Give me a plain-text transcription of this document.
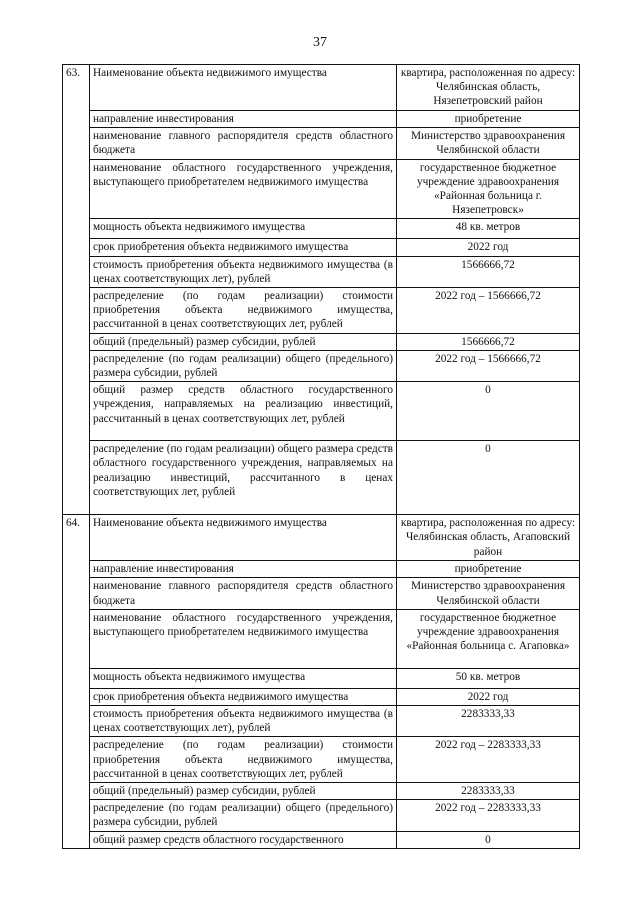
37
63.	Наименование объекта недвижимого имущества	квартира, расположенная по адресу: Челябинская область, Нязепетровский район
	направление инвестирования	приобретение
	наименование главного распорядителя средств областного бюджета	Министерство здравоохранения Челябинской области
	наименование областного государственного учреждения, выступающего приобретателем недвижимого имущества	государственное бюджетное учреждение здравоохранения «Районная больница г. Нязепетровск»
	мощность объекта недвижимого имущества	48 кв. метров
	срок приобретения объекта недвижимого имущества	2022 год
	стоимость приобретения объекта недвижимого имущества (в ценах соответствующих лет), рублей	1566666,72
	распределение (по годам реализации) стоимости приобретения объекта недвижимого имущества, рассчитанной в ценах соответствующих лет, рублей	2022 год – 1566666,72
	общий (предельный) размер субсидии, рублей	1566666,72
	распределение (по годам реализации) общего (предельного) размера субсидии, рублей	2022 год – 1566666,72
	общий размер средств областного государственного учреждения, направляемых на реализацию инвестиций, рассчитанный в ценах соответствующих лет, рублей	0
	распределение (по годам реализации) общего размера средств областного государственного учреждения, направляемых на реализацию инвестиций, рассчитанного в ценах соответствующих лет, рублей	0
64.	Наименование объекта недвижимого имущества	квартира, расположенная по адресу: Челябинская область, Агаповский район
	направление инвестирования	приобретение
	наименование главного распорядителя средств областного бюджета	Министерство здравоохранения Челябинской области
	наименование областного государственного учреждения, выступающего приобретателем недвижимого имущества	государственное бюджетное учреждение здравоохранения «Районная больница с. Агаповка»
	мощность объекта недвижимого имущества	50 кв. метров
	срок приобретения объекта недвижимого имущества	2022 год
	стоимость приобретения объекта недвижимого имущества (в ценах соответствующих лет), рублей	2283333,33
	распределение (по годам реализации) стоимости приобретения объекта недвижимого имущества, рассчитанной в ценах соответствующих лет, рублей	2022 год – 2283333,33
	общий (предельный) размер субсидии, рублей	2283333,33
	распределение (по годам реализации) общего (предельного) размера субсидии, рублей	2022 год – 2283333,33
	общий размер средств областного государственного	0
